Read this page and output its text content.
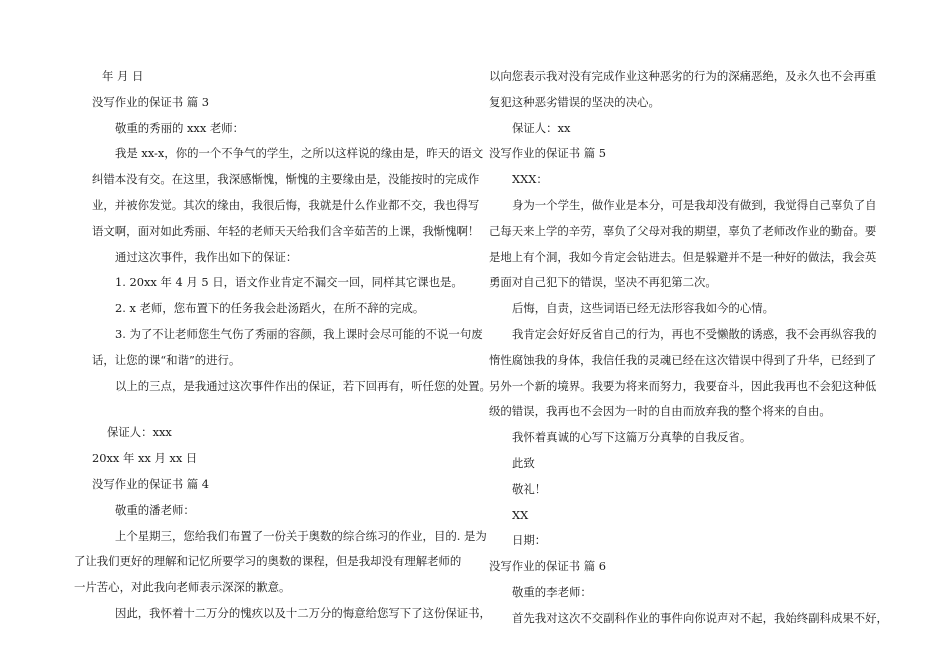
年 月 日
没写作业的保证书 篇 3
敬重的秀丽的 xxx 老师：
我是 xx-x，你的一个不争气的学生，之所以这样说的缘由是，昨天的语文
纠错本没有交。在这里，我深感惭愧，惭愧的主要缘由是，没能按时的完成作
业，并被你发觉。其次的缘由，我很后悔，我就是什么作业都不交，我也得写
语文啊，面对如此秀丽、年轻的老师天天给我们含辛茹苦的上课，我惭愧啊！
通过这次事件，我作出如下的保证：
1. 20xx 年 4 月 5 日，语文作业肯定不漏交一回，同样其它课也是。
2. x 老师，您布置下的任务我会赴汤蹈火，在所不辞的完成。
3. 为了不让老师您生气伤了秀丽的容颜，我上课时会尽可能的不说一句废
话，让您的课“和谐”的进行。
以上的三点，是我通过这次事件作出的保证，若下回再有，听任您的处置。
保证人：xxx
20xx 年 xx 月 xx 日
没写作业的保证书 篇 4
敬重的潘老师：
上个星期三，您给我们布置了一份关于奥数的综合练习的作业，目的. 是为
了让我们更好的理解和记忆所要学习的奥数的课程，但是我却没有理解老师的
一片苦心，对此我向老师表示深深的歉意。
因此，我怀着十二万分的愧疚以及十二万分的悔意给您写下了这份保证书，
以向您表示我对没有完成作业这种恶劣的行为的深痛恶绝，及永久也不会再重
复犯这种恶劣错误的坚决的决心。
保证人：xx
没写作业的保证书 篇 5
XXX：
身为一个学生，做作业是本分，可是我却没有做到，我觉得自己辜负了自
己每天来上学的辛劳，辜负了父母对我的期望，辜负了老师改作业的勤奋。要
是地上有个洞，我如今肯定会钻进去。但是躲避并不是一种好的做法，我会英
勇面对自己犯下的错误，坚决不再犯第二次。
后悔，自责，这些词语已经无法形容我如今的心情。
我肯定会好好反省自己的行为，再也不受懒散的诱惑，我不会再纵容我的
惰性腐蚀我的身体，我信任我的灵魂已经在这次错误中得到了升华，已经到了
另外一个新的境界。我要为将来而努力，我要奋斗，因此我再也不会犯这种低
级的错误，我再也不会因为一时的自由而放弃我的整个将来的自由。
我怀着真诚的心写下这篇万分真挚的自我反省。
此致
敬礼！
XX
日期：
没写作业的保证书 篇 6
敬重的李老师：
首先我对这次不交副科作业的事件向你说声对不起，我始终副科成果不好，
